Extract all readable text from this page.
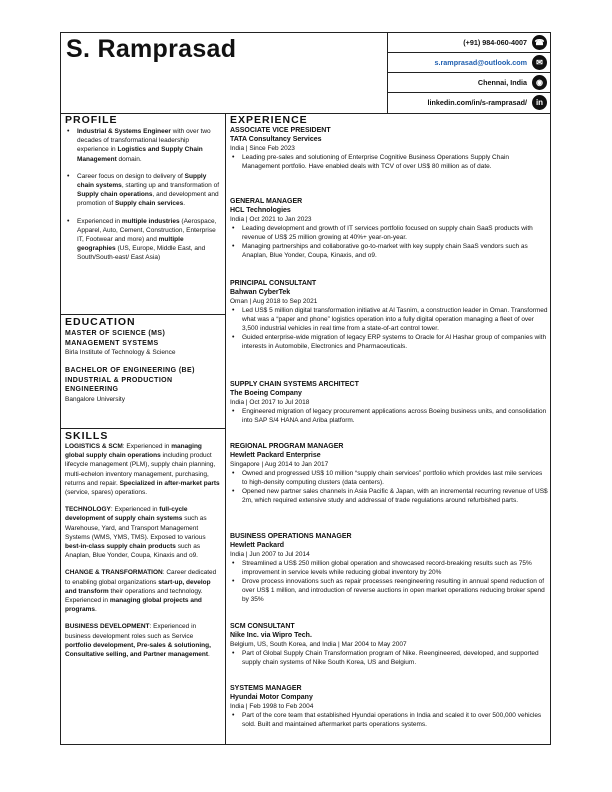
S. Ramprasad	(+91) 984-060-4007 ☎
s.ramprasad@outlook.com	✉
Chennai, India	◉
linkedin.com/in/s-ramprasad/	in
PROFILE
• Industrial & Systems Engineer with over two decades of transformational leadership experience in Logistics and Supply Chain Management domain.
• Career focus on design to delivery of Supply chain systems, starting up and transformation of Supply chain operations, and development and promotion of Supply chain services.
• Experienced in multiple industries (Aerospace, Apparel, Auto, Cement, Construction, Enterprise IT, Footwear and more) and multiple geographies (US, Europe, Middle East, and South/South-east/ East Asia)
EDUCATION
MASTER OF SCIENCE (MS) MANAGEMENT SYSTEMS
Birla Institute of Technology & Science
BACHELOR OF ENGINEERING (BE) INDUSTRIAL & PRODUCTION ENGINEERING
Bangalore University
SKILLS

LOGISTICS & SCM: Experienced in managing global supply chain operations including product lifecycle management (PLM), supply chain planning, multi-echelon inventory management, purchasing, returns and repair. Specialized in after-market parts (service, spares) operations.

TECHNOLOGY: Experienced in full-cycle development of supply chain systems such as Warehouse, Yard, and Transport Management Systems (WMS, YMS, TMS). Exposed to various best-in-class supply chain products such as Anaplan, Blue Yonder, Coupa, Kinaxis and o9.

CHANGE & TRANSFORMATION: Career dedicated to enabling global organizations start-up, develop and transform their operations and technology. Experienced in managing global projects and programs.

BUSINESS DEVELOPMENT: Experienced in business development roles such as Service portfolio development, Pre-sales & solutioning, Consultative selling, and Partner management.

EXPERIENCE
ASSOCIATE VICE PRESIDENT
TATA Consultancy Services
India | Since Feb 2023
• Leading pre-sales and solutioning of Enterprise Cognitive Business Operations Supply Chain Management portfolio. Have enabled deals with TCV of over US$ 80 million as of date.
GENERAL MANAGER
HCL Technologies
India | Oct 2021 to Jan 2023
• Leading development and growth of IT services portfolio focused on supply chain SaaS products with revenue of US$ 25 million growing at 40%+ year-on-year.
• Managing partnerships and collaborative go-to-market with key supply chain SaaS vendors such as Anaplan, Blue Yonder, Coupa, Kinaxis, and o9.
PRINCIPAL CONSULTANT
Bahwan CyberTek
Oman | Aug 2018 to Sep 2021
• Led US$ 5 million digital transformation initiative at Al Tasnim, a construction leader in Oman. Transformed what was a “paper and phone” logistics operation into a fully digital operation managing a fleet of over 3,500 industrial vehicles in real time from a state-of-art control tower.
• Guided enterprise-wide migration of legacy ERP systems to Oracle for Al Hashar group of companies with interests in Automobile, Electronics and Pharmaceuticals.
SUPPLY CHAIN SYSTEMS ARCHITECT
The Boeing Company
India | Oct 2017 to Jul 2018
• Engineered migration of legacy procurement applications across Boeing business units, and consolidation into SAP S/4 HANA and Ariba platform.
REGIONAL PROGRAM MANAGER
Hewlett Packard Enterprise
Singapore | Aug 2014 to Jan 2017
• Owned and progressed US$ 10 million “supply chain services” portfolio which provides last mile services to high-density computing clusters (data centers).
• Opened new partner sales channels in Asia Pacific & Japan, with an incremental recurring revenue of US$ 2m, which required extensive study and addressal of trade regulations around refurbished parts.
BUSINESS OPERATIONS MANAGER
Hewlett Packard
India | Jun 2007 to Jul 2014
• Streamlined a US$ 250 million global operation and showcased record-breaking results such as 75% improvement in service levels while reducing global inventory by 20%
• Drove process innovations such as repair processes reengineering resulting in annual spend reduction of over US$ 1 million, and introduction of reverse auctions in open market operations reducing broker spend by 35%
SCM CONSULTANT
Nike Inc. via Wipro Tech.
Belgium, US, South Korea, and India | Mar 2004 to May 2007
• Part of Global Supply Chain Transformation program of Nike. Reengineered, developed, and supported supply chain systems of Nike South Korea, US and Belgium.
SYSTEMS MANAGER
Hyundai Motor Company
India | Feb 1998 to Feb 2004
• Part of the core team that established Hyundai operations in India and scaled it to over 500,000 vehicles sold. Built and maintained aftermarket parts operations systems.
